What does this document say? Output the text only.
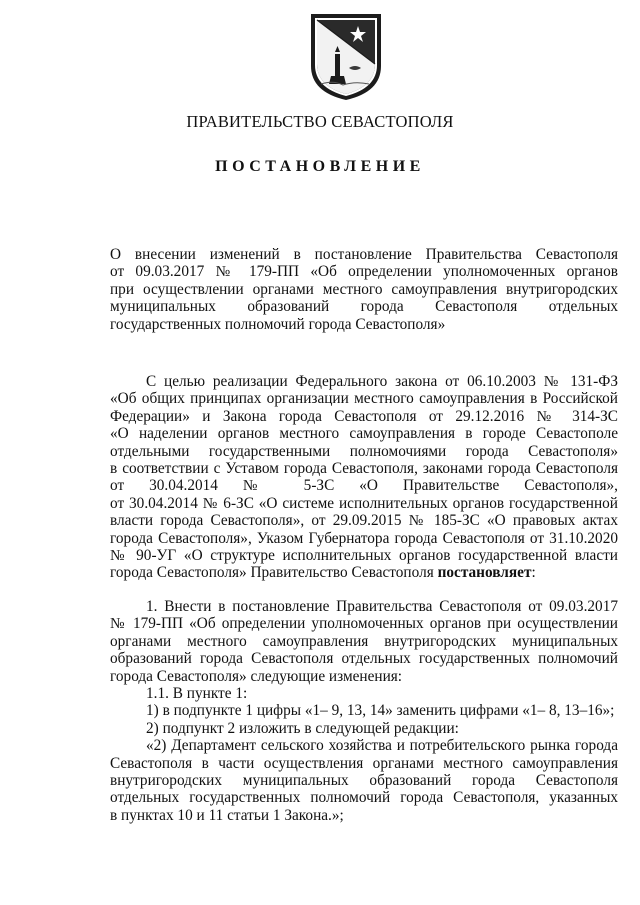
ПРАВИТЕЛЬСТВО СЕВАСТОПОЛЯ
ПОСТАНОВЛЕНИЕ
О внесении изменений в постановление Правительства Севастополя
от 09.03.2017 № 179-ПП «Об определении уполномоченных органов
при осуществлении органами местного самоуправления внутригородских
муниципальных образований города Севастополя отдельных
государственных полномочий города Севастополя»
С целью реализации Федерального закона от 06.10.2003 № 131-ФЗ
«Об общих принципах организации местного самоуправления в Российской
Федерации» и Закона города Севастополя от 29.12.2016 № 314-ЗС
«О наделении органов местного самоуправления в городе Севастополе
отдельными государственными полномочиями города Севастополя»
в соответствии с Уставом города Севастополя, законами города Севастополя
от 30.04.2014 № 5-ЗС «О Правительстве Севастополя»,
от 30.04.2014 № 6-ЗС «О системе исполнительных органов государственной
власти города Севастополя», от 29.09.2015 № 185-ЗС «О правовых актах
города Севастополя», Указом Губернатора города Севастополя от 31.10.2020
№ 90-УГ «О структуре исполнительных органов государственной власти
города Севастополя» Правительство Севастополя постановляет:
1. Внести в постановление Правительства Севастополя от 09.03.2017
№ 179-ПП «Об определении уполномоченных органов при осуществлении
органами местного самоуправления внутригородских муниципальных
образований города Севастополя отдельных государственных полномочий
города Севастополя» следующие изменения:
1.1. В пункте 1:
1) в подпункте 1 цифры «1– 9, 13, 14» заменить цифрами «1– 8, 13–16»;
2) подпункт 2 изложить в следующей редакции:
«2) Департамент сельского хозяйства и потребительского рынка города
Севастополя в части осуществления органами местного самоуправления
внутригородских муниципальных образований города Севастополя
отдельных государственных полномочий города Севастополя, указанных
в пунктах 10 и 11 статьи 1 Закона.»;
